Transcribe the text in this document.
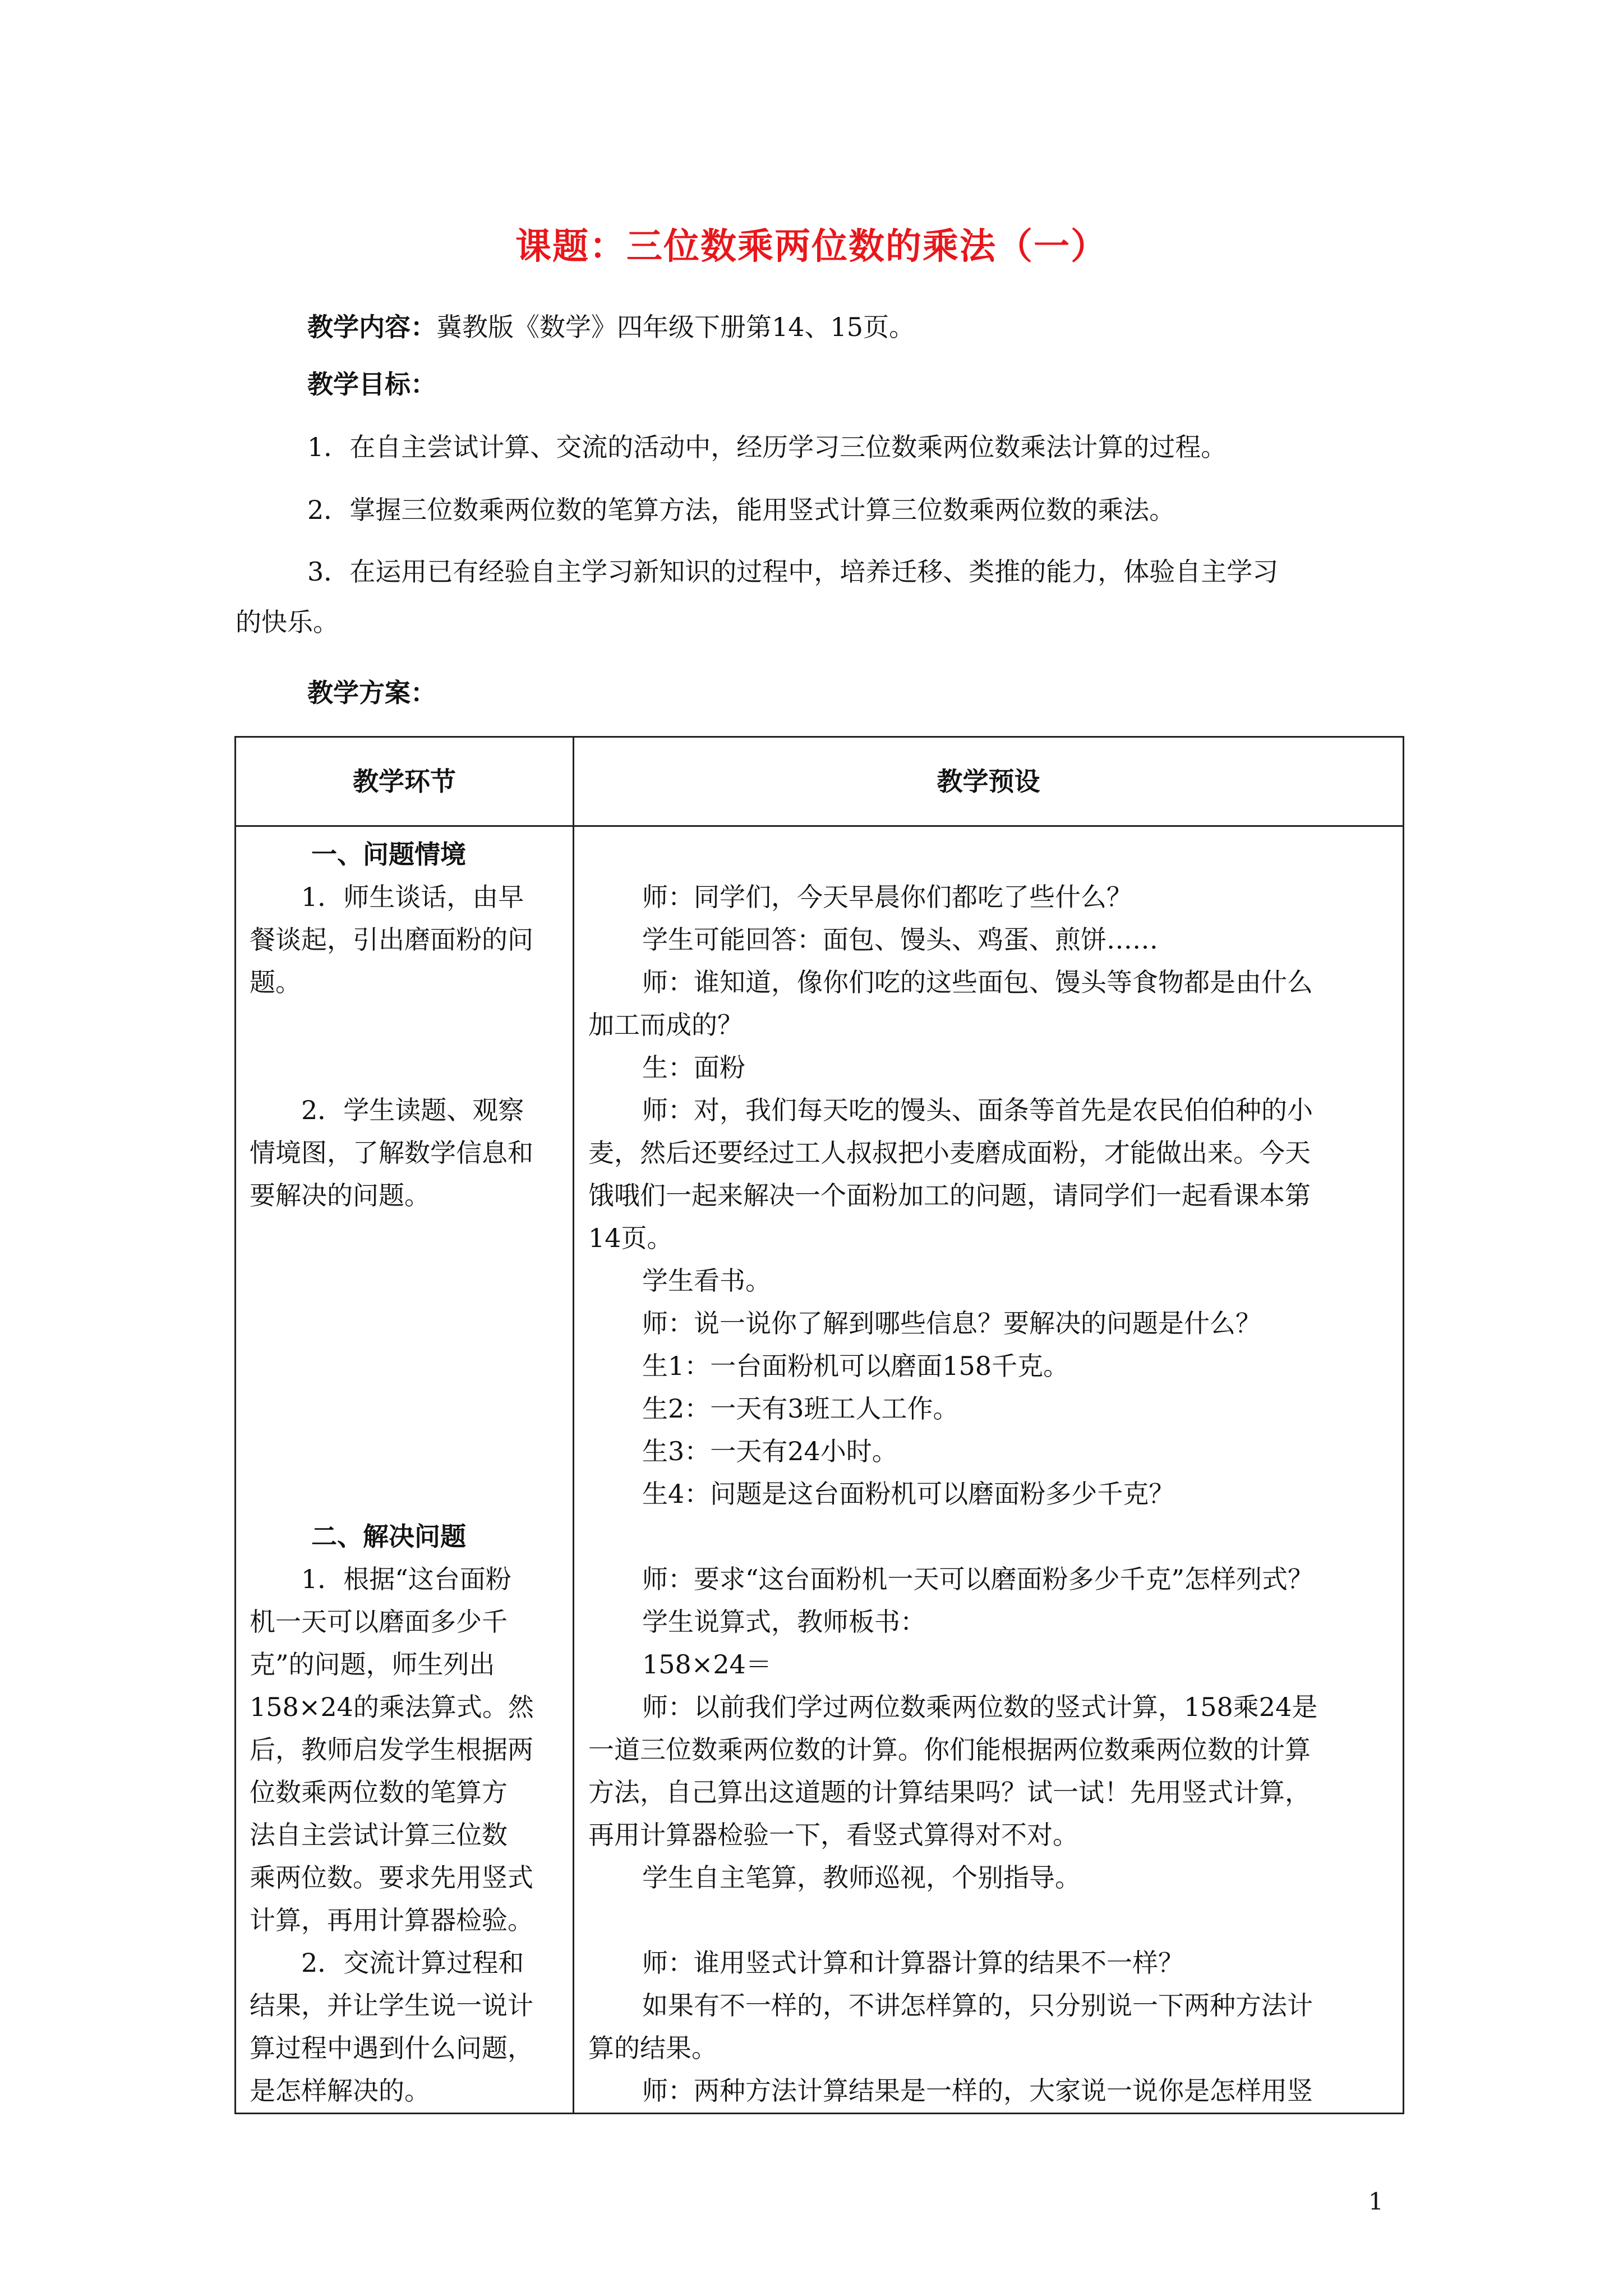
课题：三位数乘两位数的乘法（一）
教学内容：冀教版《数学》四年级下册第14、15页。
教学目标：
1．在自主尝试计算、交流的活动中，经历学习三位数乘两位数乘法计算的过程。
2．掌握三位数乘两位数的笔算方法，能用竖式计算三位数乘两位数的乘法。
3．在运用已有经验自主学习新知识的过程中，培养迁移、类推的能力，体验自主学习
的快乐。
教学方案：
教学环节	教学预设
一、问题情境
1．师生谈话，由早
餐谈起，引出磨面粉的问
题。
2．学生读题、观察
情境图，了解数学信息和
要解决的问题。
二、解决问题
1．根据“这台面粉
机一天可以磨面多少千
克”的问题，师生列出
158×24的乘法算式。然
后，教师启发学生根据两
位数乘两位数的笔算方
法自主尝试计算三位数
乘两位数。要求先用竖式
计算，再用计算器检验。
2．交流计算过程和
结果，并让学生说一说计
算过程中遇到什么问题，
是怎样解决的。
师：同学们，今天早晨你们都吃了些什么？
学生可能回答：面包、馒头、鸡蛋、煎饼……
师：谁知道，像你们吃的这些面包、馒头等食物都是由什么
加工而成的？
生：面粉
师：对，我们每天吃的馒头、面条等首先是农民伯伯种的小
麦，然后还要经过工人叔叔把小麦磨成面粉，才能做出来。今天
饿哦们一起来解决一个面粉加工的问题，请同学们一起看课本第
14页。
学生看书。
师：说一说你了解到哪些信息？要解决的问题是什么？
生1：一台面粉机可以磨面158千克。
生2：一天有3班工人工作。
生3：一天有24小时。
生4：问题是这台面粉机可以磨面粉多少千克？
师：要求“这台面粉机一天可以磨面粉多少千克”怎样列式？
学生说算式，教师板书：
158×24＝
师：以前我们学过两位数乘两位数的竖式计算，158乘24是
一道三位数乘两位数的计算。你们能根据两位数乘两位数的计算
方法，自己算出这道题的计算结果吗？试一试！先用竖式计算，
再用计算器检验一下，看竖式算得对不对。
学生自主笔算，教师巡视，个别指导。
师：谁用竖式计算和计算器计算的结果不一样？
如果有不一样的，不讲怎样算的，只分别说一下两种方法计
算的结果。
师：两种方法计算结果是一样的，大家说一说你是怎样用竖
1
